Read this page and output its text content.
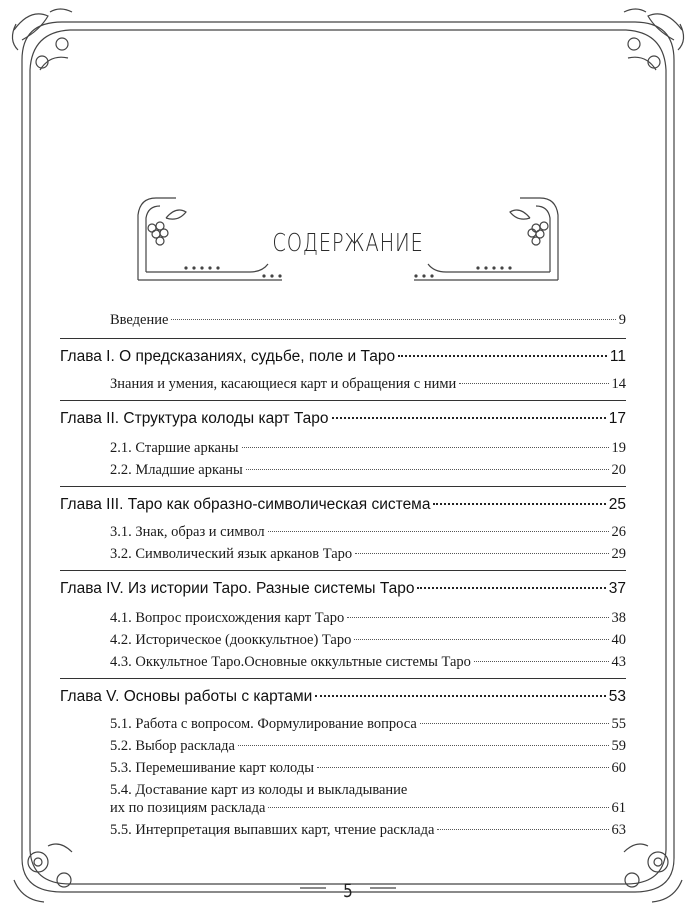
СОДЕРЖАНИЕ
Введение	9
Глава I. О предсказаниях, судьбе, поле и Таро	11
Знания и умения, касающиеся карт и обращения с ними	14
Глава II. Структура колоды карт Таро	17
2.1. Старшие арканы	19
2.2. Младшие арканы	20
Глава III. Таро как образно-символическая система	25
3.1. Знак, образ и символ	26
3.2. Символический язык арканов Таро	29
Глава IV. Из истории Таро. Разные системы Таро	37
4.1. Вопрос происхождения карт Таро	38
4.2. Историческое (дооккультное) Таро	40
4.3. Оккультное Таро.Основные оккультные системы Таро	43
Глава V. Основы работы с картами	53
5.1. Работа с вопросом. Формулирование вопроса	55
5.2. Выбор расклада	59
5.3. Перемешивание карт колоды	60
5.4. Доставание карт из колоды и выкладывание
их по позициям расклада	61
5.5. Интерпретация выпавших карт, чтение расклада	63
5
